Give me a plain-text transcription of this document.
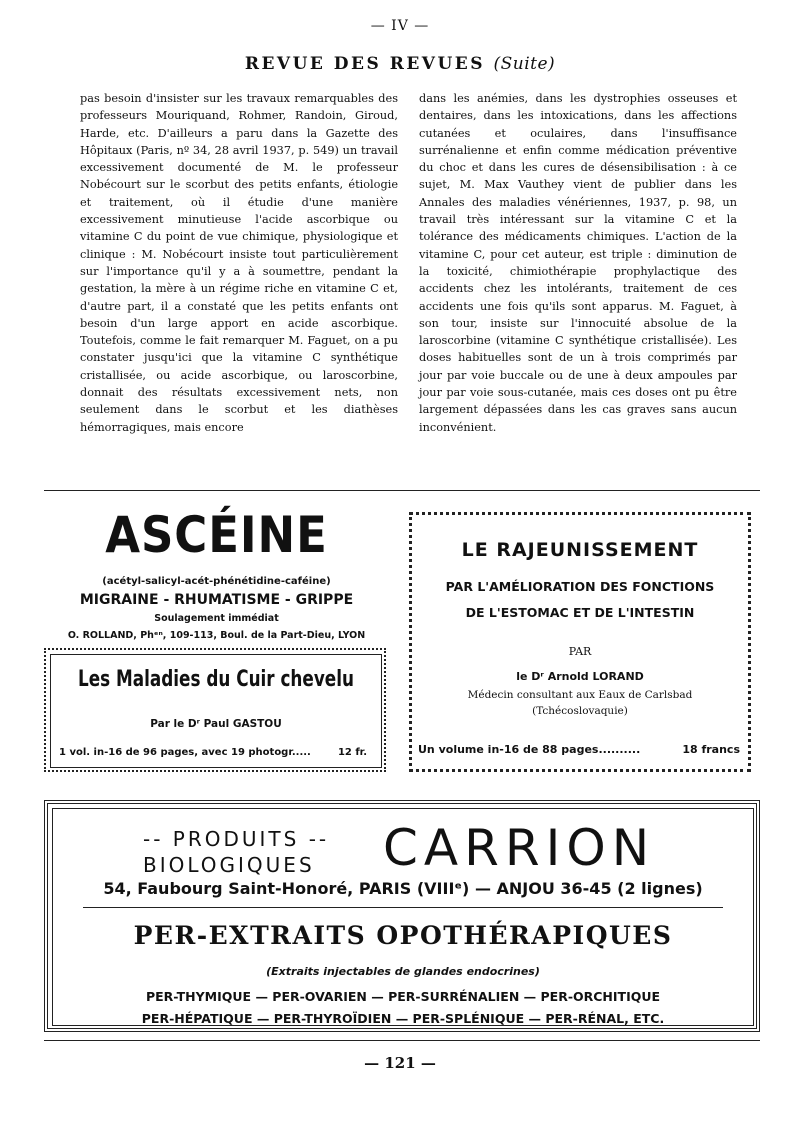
— IV —
REVUE DES REVUES (Suite)

pas besoin d'insister sur les travaux remarquables des professeurs Mouriquand, Rohmer, Randoin, Giroud, Harde, etc. D'ailleurs a paru dans la Gazette des Hôpitaux (Paris, nº 34, 28 avril 1937, p. 549) un travail excessivement documenté de M. le professeur Nobécourt sur le scorbut des petits enfants, étiologie et traitement, où il étudie d'une manière excessivement minutieuse l'acide ascorbique ou vitamine C du point de vue chimique, physiologique et clinique : M. Nobécourt insiste tout particulièrement sur l'importance qu'il y a à soumettre, pendant la gestation, la mère à un régime riche en vitamine C et, d'autre part, il a constaté que les petits enfants ont besoin d'un large apport en acide ascorbique. Toutefois, comme le fait remarquer M. Faguet, on a pu constater jusqu'ici que la vitamine C synthétique cristallisée, ou acide ascorbique, ou laroscorbine, donnait des résultats excessivement nets, non seulement dans le scorbut et les diathèses hémorragiques, mais encore

dans les anémies, dans les dystrophies osseuses et dentaires, dans les intoxications, dans les affections cutanées et oculaires, dans l'insuffisance surrénalienne et enfin comme médication préventive du choc et dans les cures de désensibilisation : à ce sujet, M. Max Vauthey vient de publier dans les Annales des maladies vénériennes, 1937, p. 98, un travail très intéressant sur la vitamine C et la tolérance des médicaments chimiques. L'action de la vitamine C, pour cet auteur, est triple : diminution de la toxicité, chimiothérapie prophylactique des accidents chez les intolérants, traitement de ces accidents une fois qu'ils sont apparus. M. Faguet, à son tour, insiste sur l'innocuité absolue de la laroscorbine (vitamine C synthétique cristallisée). Les doses habituelles sont de un à trois comprimés par jour par voie buccale ou de une à deux ampoules par jour par voie sous-cutanée, mais ces doses ont pu être largement dépassées dans les cas graves sans aucun inconvénient.

ASCÉINE
(acétyl-salicyl-acét-phénétidine-caféine)
MIGRAINE - RHUMATISME - GRIPPE
Soulagement immédiat
O. ROLLAND, Phᵉⁿ, 109-113, Boul. de la Part-Dieu, LYON
Les Maladies du Cuir chevelu
Par le Dʳ Paul GASTOU
1 vol. in-16 de 96 pages, avec 19 photogr.....	12 fr.
LE RAJEUNISSEMENT
PAR L'AMÉLIORATION DES FONCTIONS
DE L'ESTOMAC ET DE L'INTESTIN
PAR
le Dʳ Arnold LORAND
Médecin consultant aux Eaux de Carlsbad
(Tchécoslovaquie)
Un volume in-16 de 88 pages..........	18 francs
-- PRODUITS --
BIOLOGIQUES CARRION
54, Faubourg Saint-Honoré, PARIS (VIIIᵉ) — ANJOU 36-45 (2 lignes)
PER-EXTRAITS OPOTHÉRAPIQUES
(Extraits injectables de glandes endocrines)
PER-THYMIQUE — PER-OVARIEN — PER-SURRÉNALIEN — PER-ORCHITIQUE
PER-HÉPATIQUE — PER-THYROÏDIEN — PER-SPLÉNIQUE — PER-RÉNAL, ETC.
— 121 —
